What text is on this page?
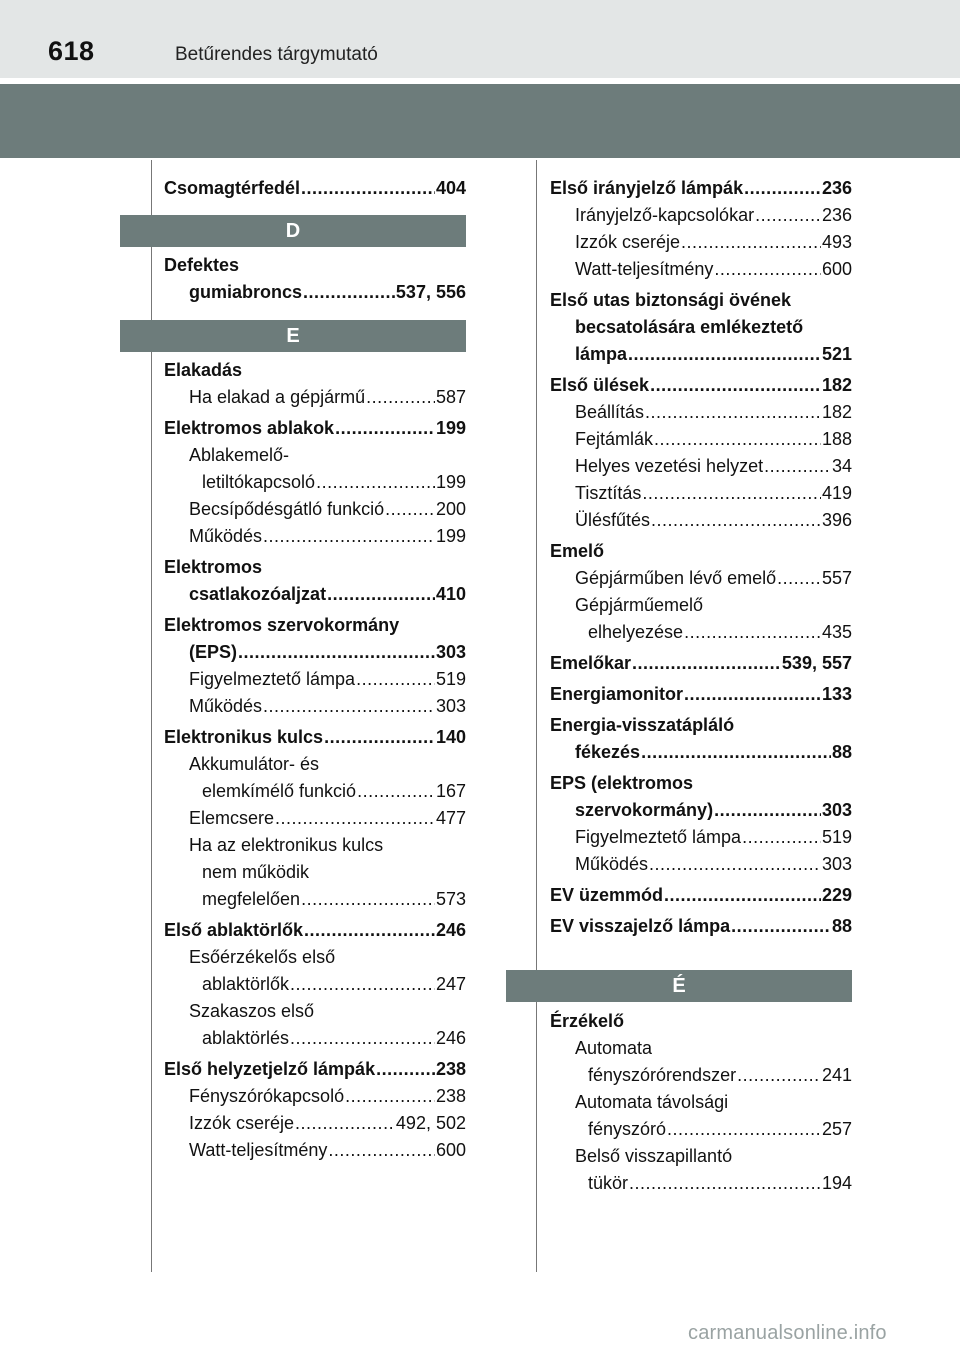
618	Betűrendes tárgymutató
Csomagtérfedél .....	404
D
Defektes
gumiabroncs .....	537, 556
E
Elakadás
Ha elakad a gépjármű .....	587
Elektromos ablakok .....	199
Ablakemelő-
letiltókapcsoló .....	199
Becsípődésgátló funkció .....	200
Működés .....	199
Elektromos
csatlakozóaljzat .....	410
Elektromos szervokormány
(EPS) .....	303
Figyelmeztető lámpa .....	519
Működés .....	303
Elektronikus kulcs .....	140
Akkumulátor- és
elemkímélő funkció .....	167
Elemcsere .....	477
Ha az elektronikus kulcs
nem működik
megfelelően .....	573
Első ablaktörlők .....	246
Esőérzékelős első
ablaktörlők .....	247
Szakaszos első
ablaktörlés .....	246
Első helyzetjelző lámpák .....	238
Fényszórókapcsoló .....	238
Izzók cseréje .....	492, 502
Watt-teljesítmény .....	600
Első irányjelző lámpák .....	236
Irányjelző-kapcsolókar .....	236
Izzók cseréje .....	493
Watt-teljesítmény .....	600
Első utas biztonsági övének
becsatolására emlékeztető
lámpa .....	521
Első ülések .....	182
Beállítás .....	182
Fejtámlák .....	188
Helyes vezetési helyzet .....	34
Tisztítás .....	419
Ülésfűtés .....	396
Emelő
Gépjárműben lévő emelő .....	557
Gépjárműemelő
elhelyezése .....	435
Emelőkar .....	539, 557
Energiamonitor .....	133
Energia-visszatápláló
fékezés .....	88
EPS (elektromos
szervokormány) .....	303
Figyelmeztető lámpa .....	519
Működés .....	303
EV üzemmód .....	229
EV visszajelző lámpa .....	88
É
Érzékelő
Automata
fényszórórendszer .....	241
Automata távolsági
fényszóró .....	257
Belső visszapillantó
tükör .....	194
carmanualsonline.info
